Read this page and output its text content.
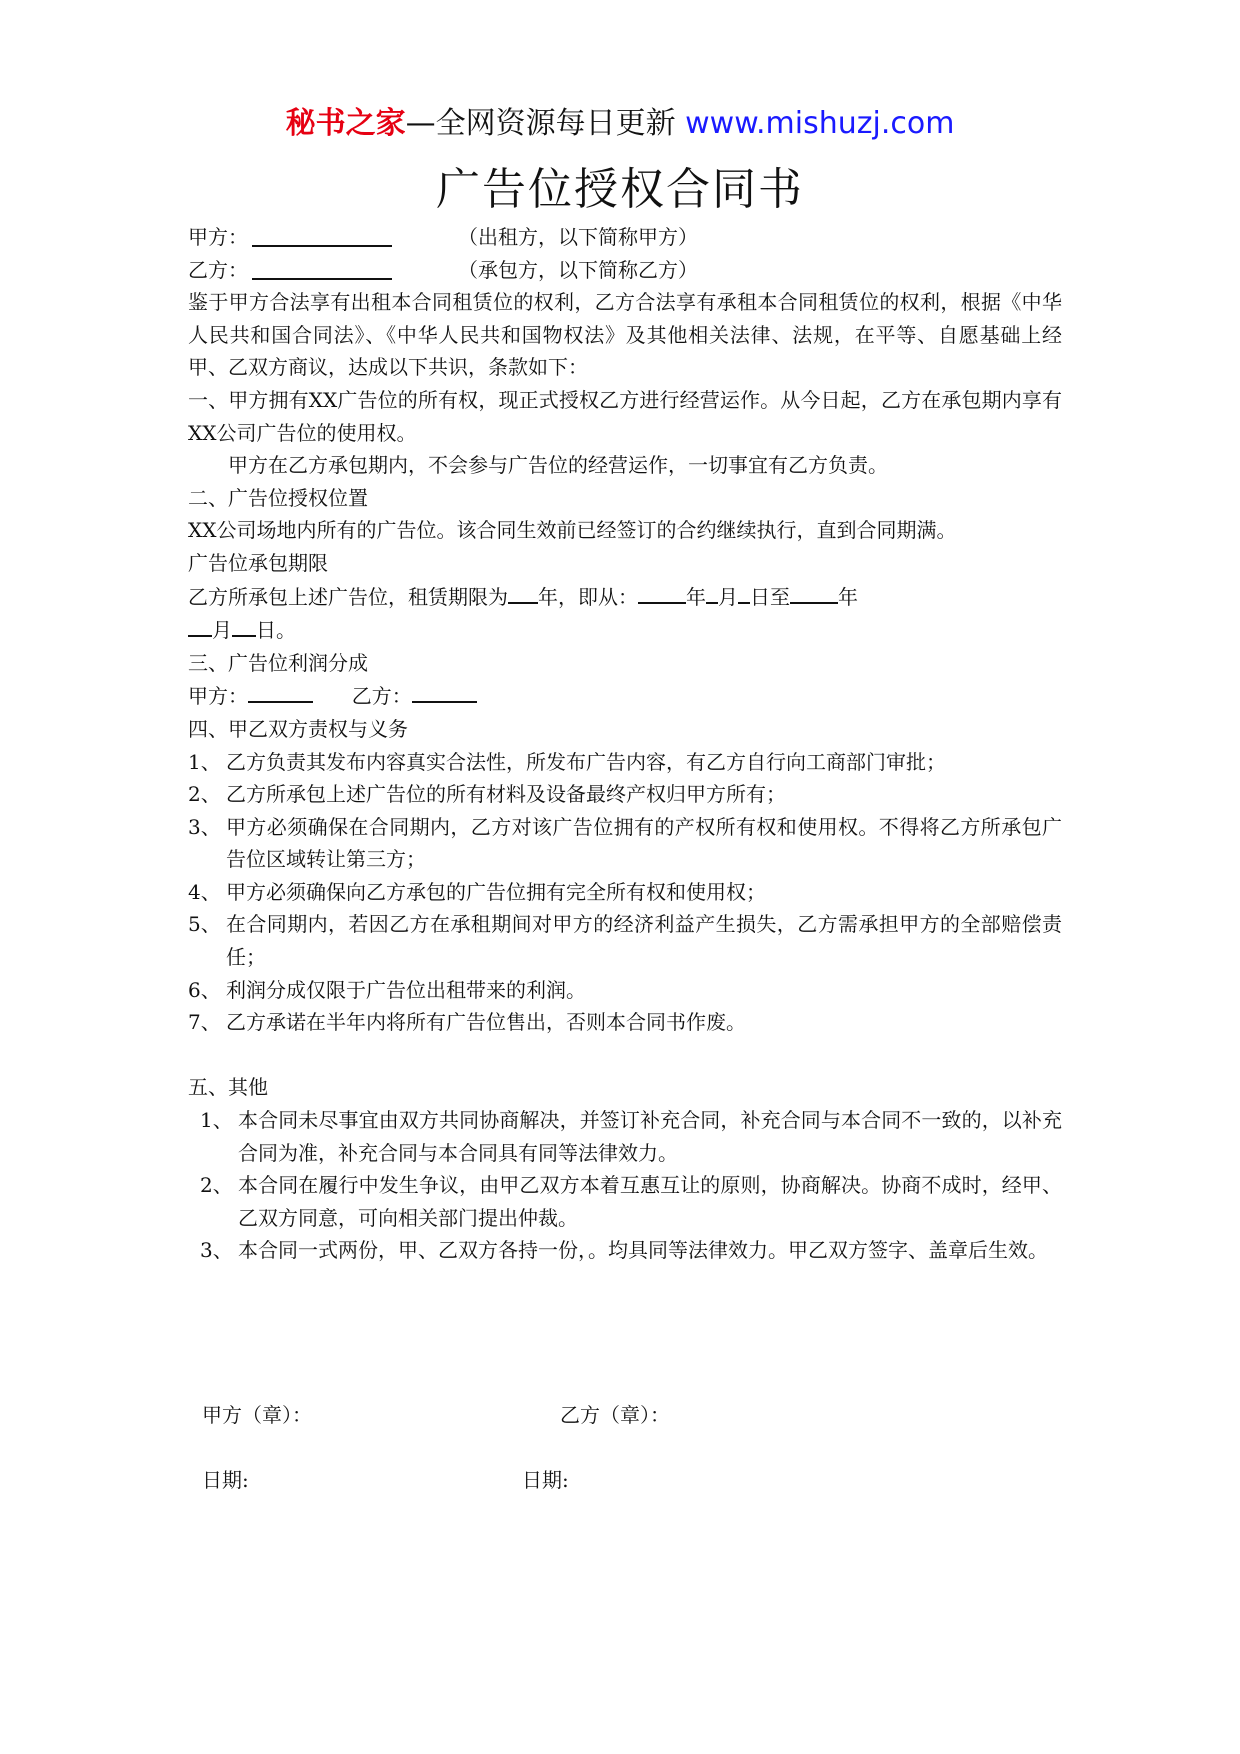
秘书之家—全网资源每日更新 www.mishuzj.com
广告位授权合同书
甲方：	（出租方，以下简称甲方）
乙方：	（承包方，以下简称乙方）
鉴于甲方合法享有出租本合同租赁位的权利，乙方合法享有承租本合同租赁位的权利，根据《中华人民共和国合同法》、《中华人民共和国物权法》及其他相关法律、法规，在平等、自愿基础上经甲、乙双方商议，达成以下共识，条款如下：
一、甲方拥有XX广告位的所有权，现正式授权乙方进行经营运作。从今日起，乙方在承包期内享有XX公司广告位的使用权。
甲方在乙方承包期内，不会参与广告位的经营运作，一切事宜有乙方负责。
二、广告位授权位置
XX公司场地内所有的广告位。该合同生效前已经签订的合约继续执行，直到合同期满。
广告位承包期限
乙方所承包上述广告位，租赁期限为 年，即从： 年 月 日至 年
月 日。
三、广告位利润分成
甲方：	乙方：
四、甲乙双方责权与义务
1、 乙方负责其发布内容真实合法性，所发布广告内容，有乙方自行向工商部门审批；
2、 乙方所承包上述广告位的所有材料及设备最终产权归甲方所有；
3、 甲方必须确保在合同期内，乙方对该广告位拥有的产权所有权和使用权。不得将乙方所承包广告位区域转让第三方；
4、 甲方必须确保向乙方承包的广告位拥有完全所有权和使用权；
5、 在合同期内，若因乙方在承租期间对甲方的经济利益产生损失，乙方需承担甲方的全部赔偿责任；
6、 利润分成仅限于广告位出租带来的利润。
7、 乙方承诺在半年内将所有广告位售出，否则本合同书作废。
五、其他
1、 本合同未尽事宜由双方共同协商解决，并签订补充合同，补充合同与本合同不一致的，以补充合同为准，补充合同与本合同具有同等法律效力。
2、 本合同在履行中发生争议，由甲乙双方本着互惠互让的原则，协商解决。协商不成时，经甲、乙双方同意，可向相关部门提出仲裁。
3、 本合同一式两份，甲、乙双方各持一份，。均具同等法律效力。甲乙双方签字、盖章后生效。
甲方（章）：	乙方（章）：
日期:	日期:
